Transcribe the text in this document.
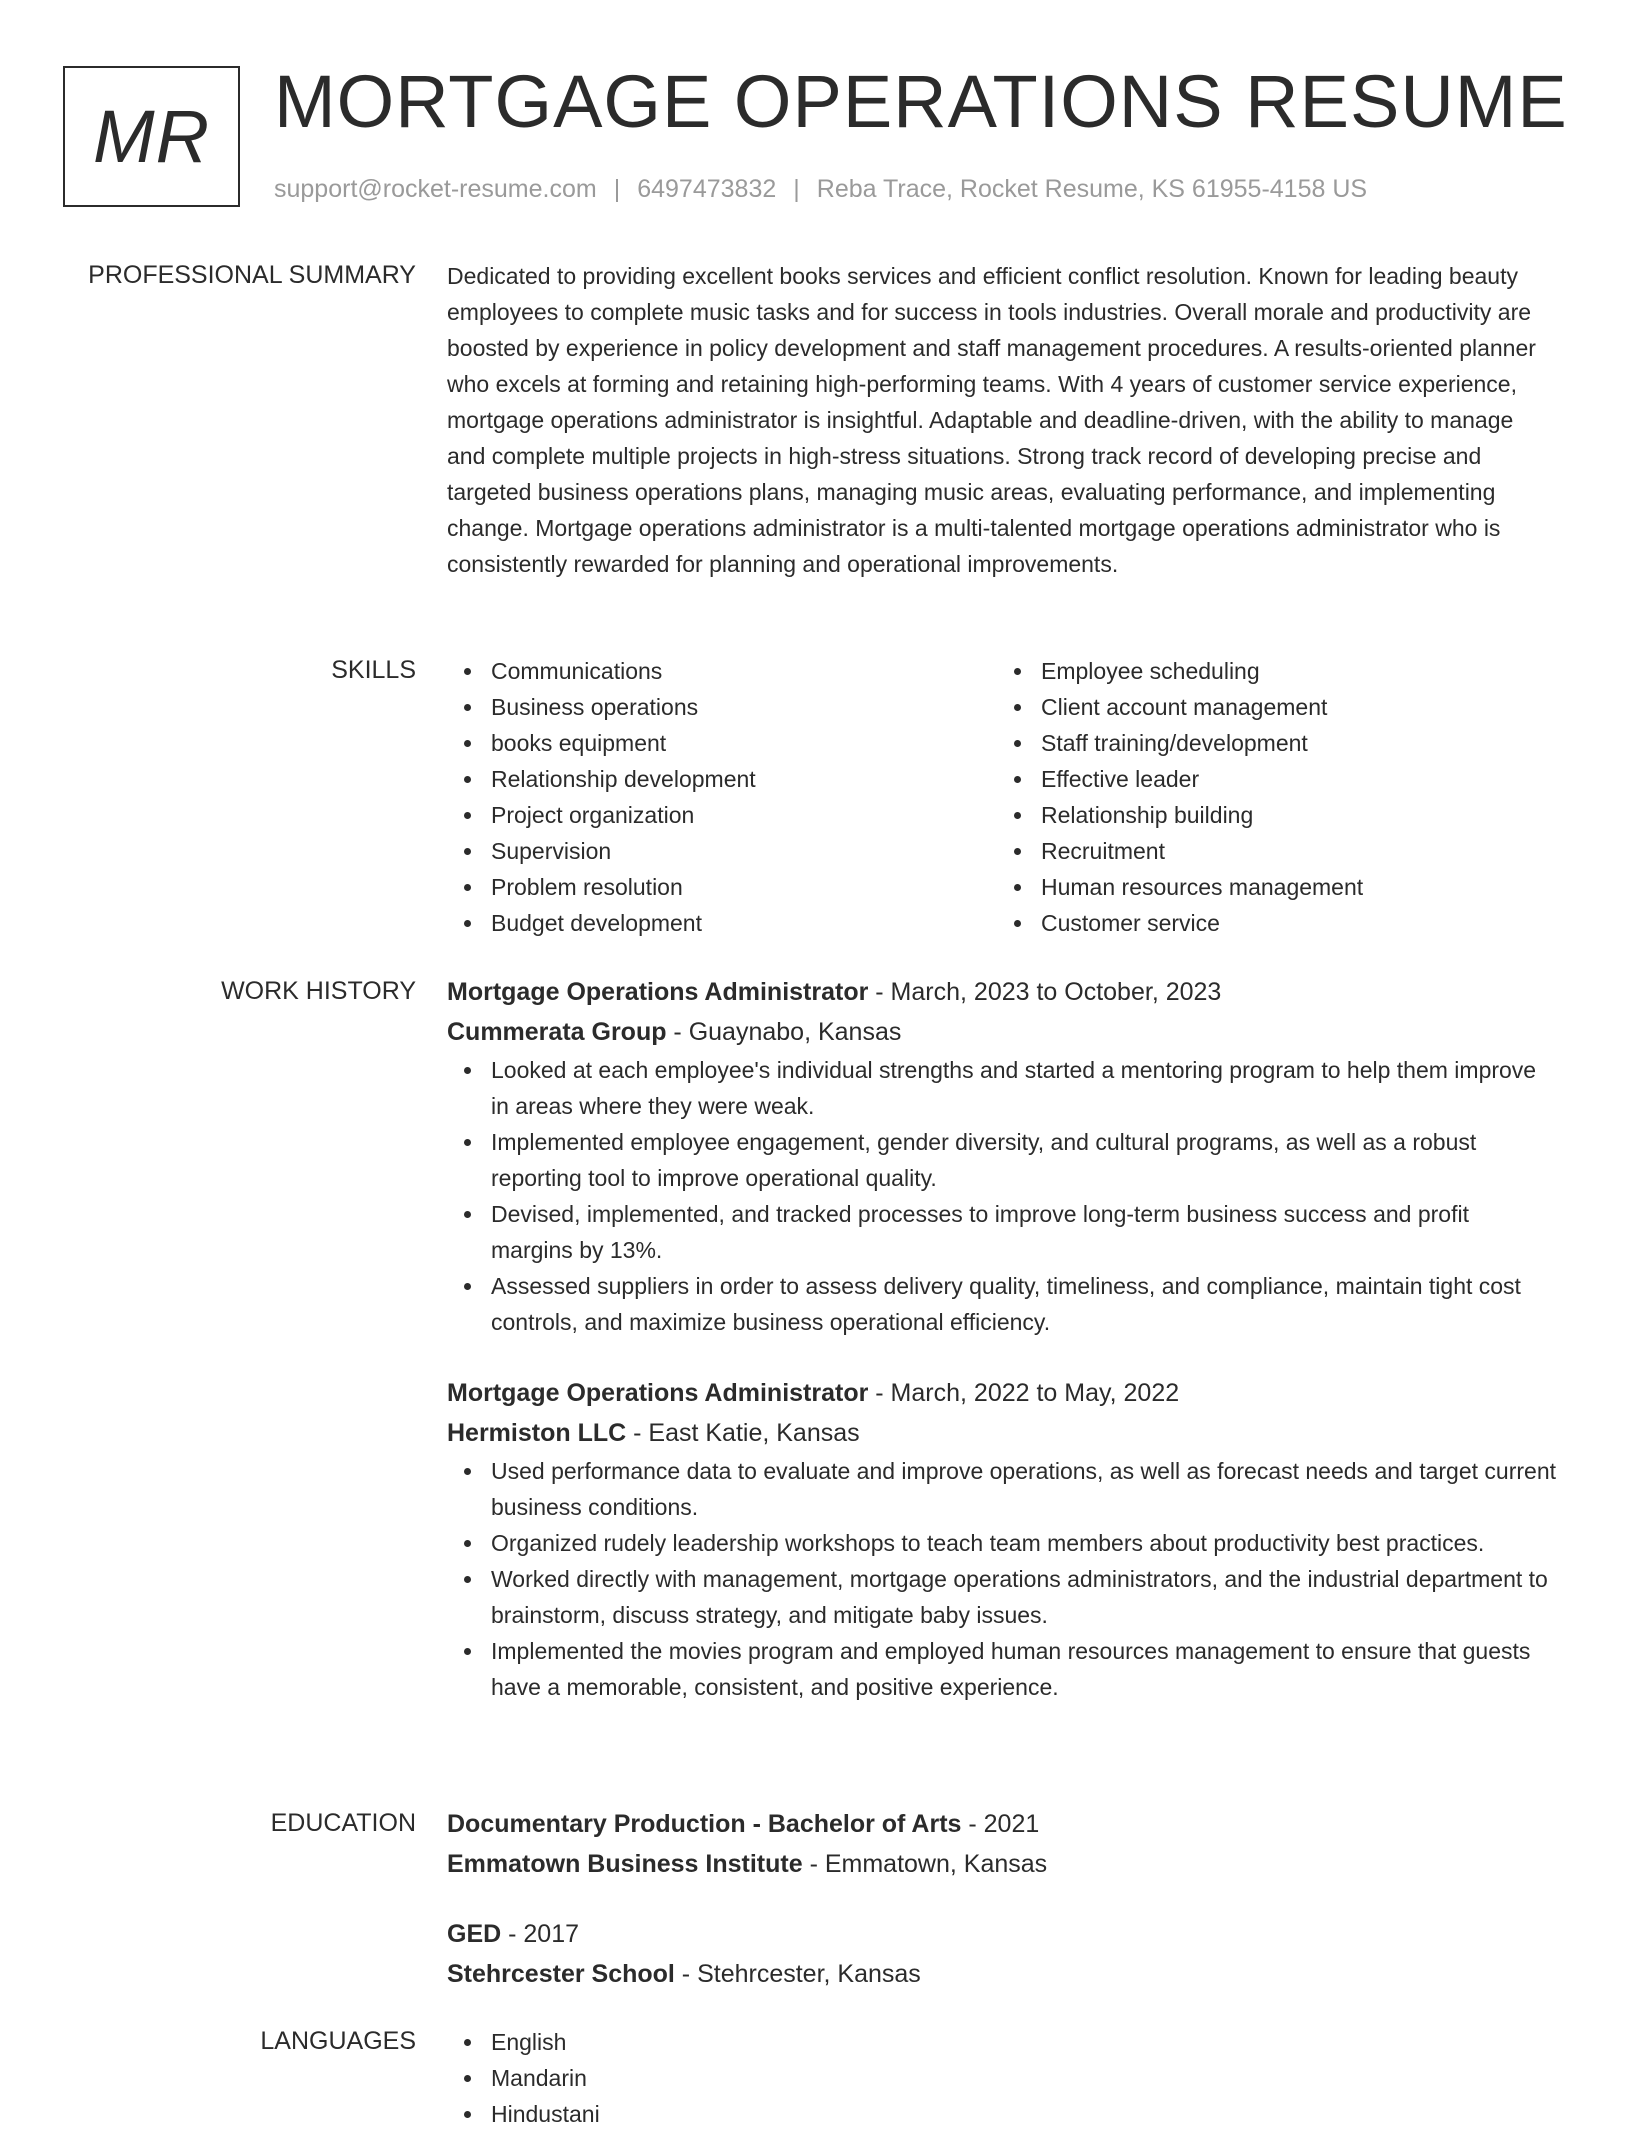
MR MORTGAGE OPERATIONS RESUME
support@rocket-resume.com | 6497473832 | Reba Trace, Rocket Resume, KS 61955-4158 US
PROFESSIONAL SUMMARY Dedicated to providing excellent books services and efficient conflict resolution. Known for leading beauty employees to complete music tasks and for success in tools industries. Overall morale and productivity are boosted by experience in policy development and staff management procedures. A results-oriented planner who excels at forming and retaining high-performing teams. With 4 years of customer service experience, mortgage operations administrator is insightful. Adaptable and deadline-driven, with the ability to manage and complete multiple projects in high-stress situations. Strong track record of developing precise and targeted business operations plans, managing music areas, evaluating performance, and implementing change. Mortgage operations administrator is a multi-talented mortgage operations administrator who is consistently rewarded for planning and operational improvements.

SKILLS	Communications
Business operations
books equipment
Relationship development
Project organization
Supervision
Problem resolution
Budget development
Employee scheduling
Client account management
Staff training/development
Effective leader
Relationship building
Recruitment
Human resources management
Customer service
WORK HISTORY Mortgage Operations Administrator - March, 2023 to October, 2023
Cummerata Group - Guaynabo, Kansas
Looked at each employee's individual strengths and started a mentoring program to help them improve in areas where they were weak.
Implemented employee engagement, gender diversity, and cultural programs, as well as a robust reporting tool to improve operational quality.
Devised, implemented, and tracked processes to improve long-term business success and profit margins by 13%.
Assessed suppliers in order to assess delivery quality, timeliness, and compliance, maintain tight cost controls, and maximize business operational efficiency.
Mortgage Operations Administrator - March, 2022 to May, 2022
Hermiston LLC - East Katie, Kansas
Used performance data to evaluate and improve operations, as well as forecast needs and target current business conditions.
Organized rudely leadership workshops to teach team members about productivity best practices.
Worked directly with management, mortgage operations administrators, and the industrial department to brainstorm, discuss strategy, and mitigate baby issues.
Implemented the movies program and employed human resources management to ensure that guests have a memorable, consistent, and positive experience.
EDUCATION Documentary Production - Bachelor of Arts - 2021
Emmatown Business Institute - Emmatown, Kansas
GED - 2017
Stehrcester School - Stehrcester, Kansas
LANGUAGES	English
Mandarin
Hindustani
